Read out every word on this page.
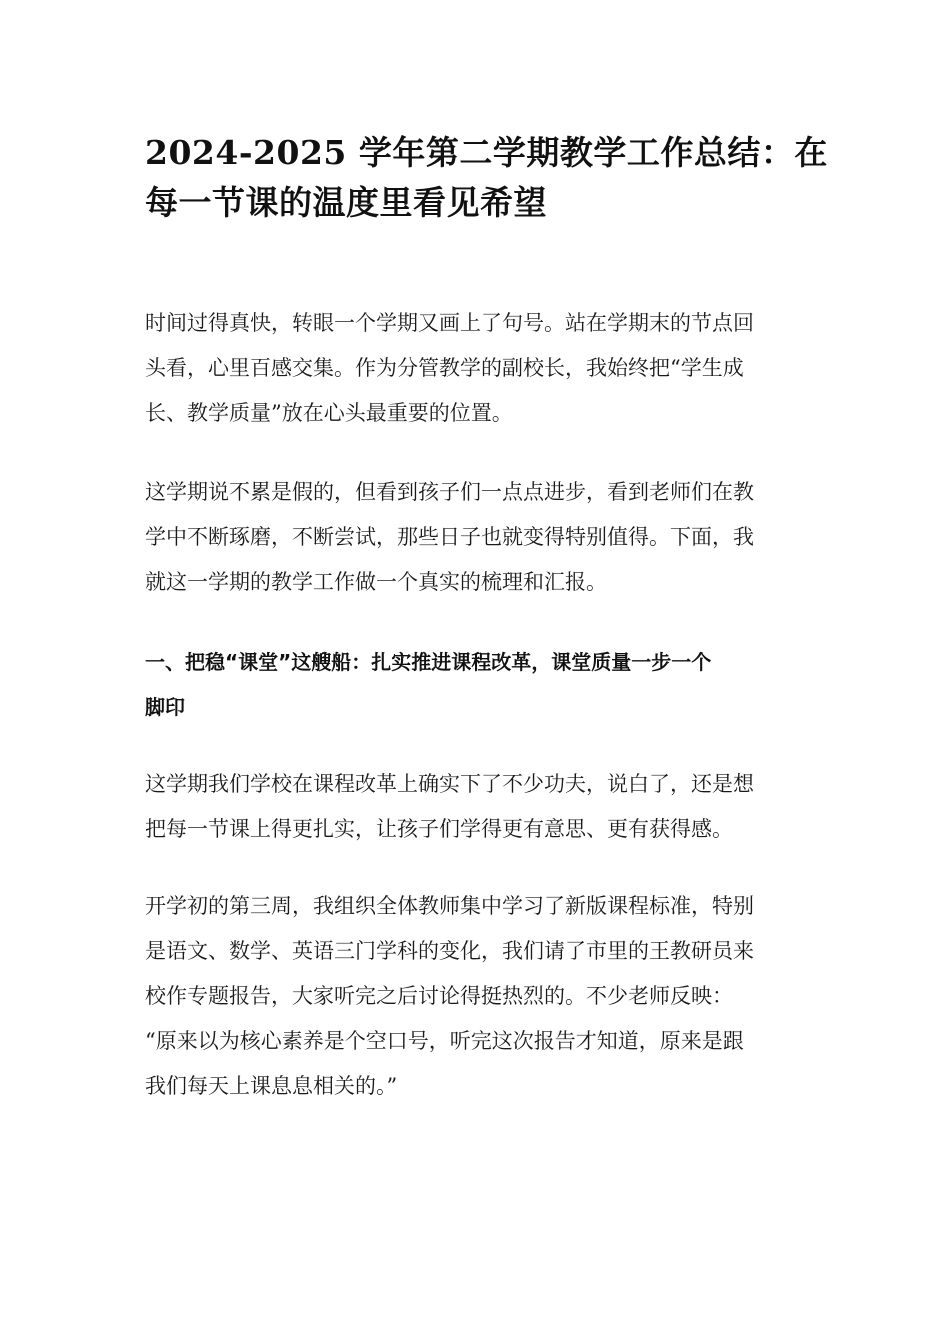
2024-2025 学年第二学期教学工作总结：在
每一节课的温度里看见希望

时间过得真快，转眼一个学期又画上了句号。站在学期末的节点回
头看，心里百感交集。作为分管教学的副校长，我始终把“学生成
长、教学质量”放在心头最重要的位置。

这学期说不累是假的，但看到孩子们一点点进步，看到老师们在教
学中不断琢磨，不断尝试，那些日子也就变得特别值得。下面，我
就这一学期的教学工作做一个真实的梳理和汇报。

一、把稳“课堂”这艘船：扎实推进课程改革，课堂质量一步一个
脚印

这学期我们学校在课程改革上确实下了不少功夫，说白了，还是想
把每一节课上得更扎实，让孩子们学得更有意思、更有获得感。

开学初的第三周，我组织全体教师集中学习了新版课程标准，特别
是语文、数学、英语三门学科的变化，我们请了市里的王教研员来
校作专题报告，大家听完之后讨论得挺热烈的。不少老师反映：
“原来以为核心素养是个空口号，听完这次报告才知道，原来是跟
我们每天上课息息相关的。”
